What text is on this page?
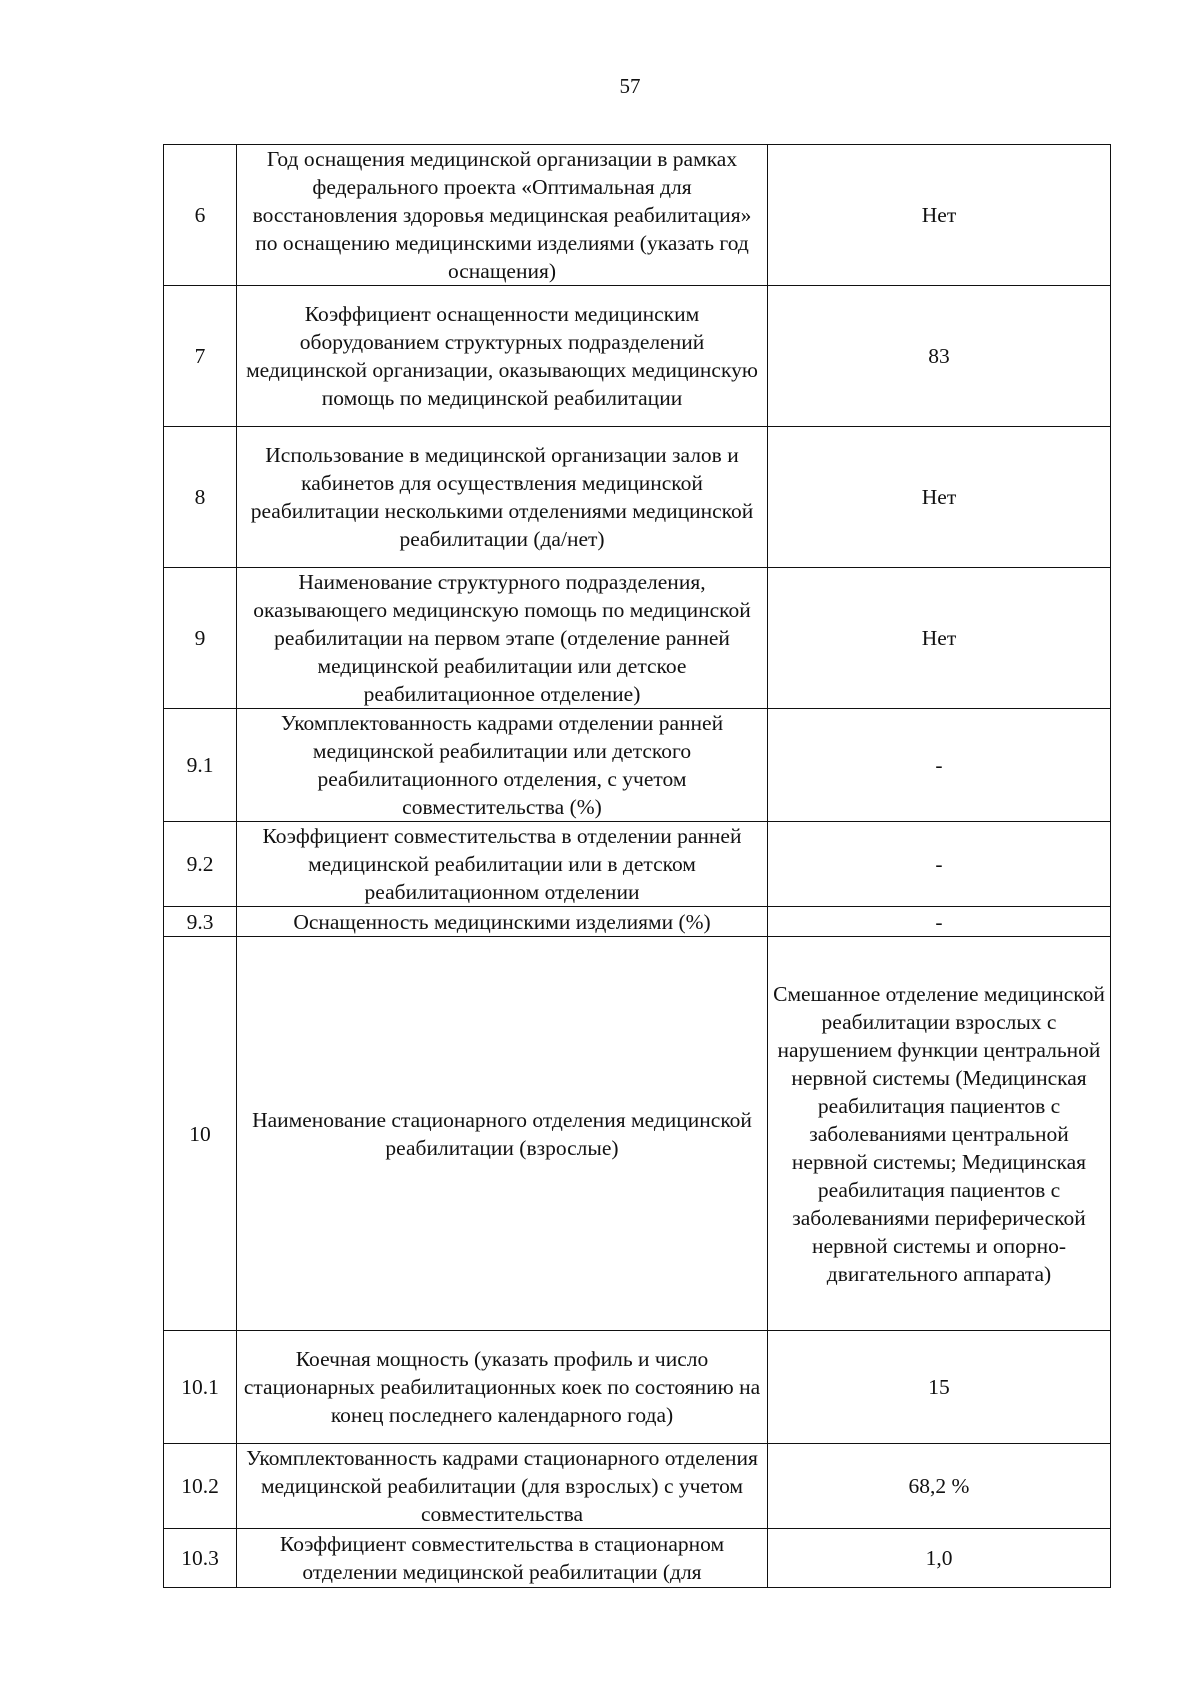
57
6	Год оснащения медицинской организации в рамках федерального проекта «Оптимальная для восстановления здоровья медицинская реабилитация» по оснащению медицинскими изделиями (указать год оснащения)	Нет
7	Коэффициент оснащенности медицинским оборудованием структурных подразделений медицинской организации, оказывающих медицинскую помощь по медицинской реабилитации	83
8	Использование в медицинской организации залов и кабинетов для осуществления медицинской реабилитации несколькими отделениями медицинской реабилитации (да/нет)	Нет
9	Наименование структурного подразделения, оказывающего медицинскую помощь по медицинской реабилитации на первом этапе (отделение ранней медицинской реабилитации или детское реабилитационное отделение)	Нет
9.1	Укомплектованность кадрами отделении ранней медицинской реабилитации или детского реабилитационного отделения, с учетом совместительства (%)	-
9.2	Коэффициент совместительства в отделении ранней медицинской реабилитации или в детском реабилитационном отделении	-
9.3	Оснащенность медицинскими изделиями (%)	-
10	Наименование стационарного отделения медицинской реабилитации (взрослые)	Смешанное отделение медицинской реабилитации взрослых с нарушением функции центральной нервной системы (Медицинская реабилитация пациентов с заболеваниями центральной нервной системы; Медицинская реабилитация пациентов с заболеваниями периферической нервной системы и опорно-двигательного аппарата)
10.1	Коечная мощность (указать профиль и число стационарных реабилитационных коек по состоянию на конец последнего календарного года)	15
10.2	Укомплектованность кадрами стационарного отделения медицинской реабилитации (для взрослых) с учетом совместительства	68,2 %
10.3	Коэффициент совместительства в стационарном отделении медицинской реабилитации (для	1,0
